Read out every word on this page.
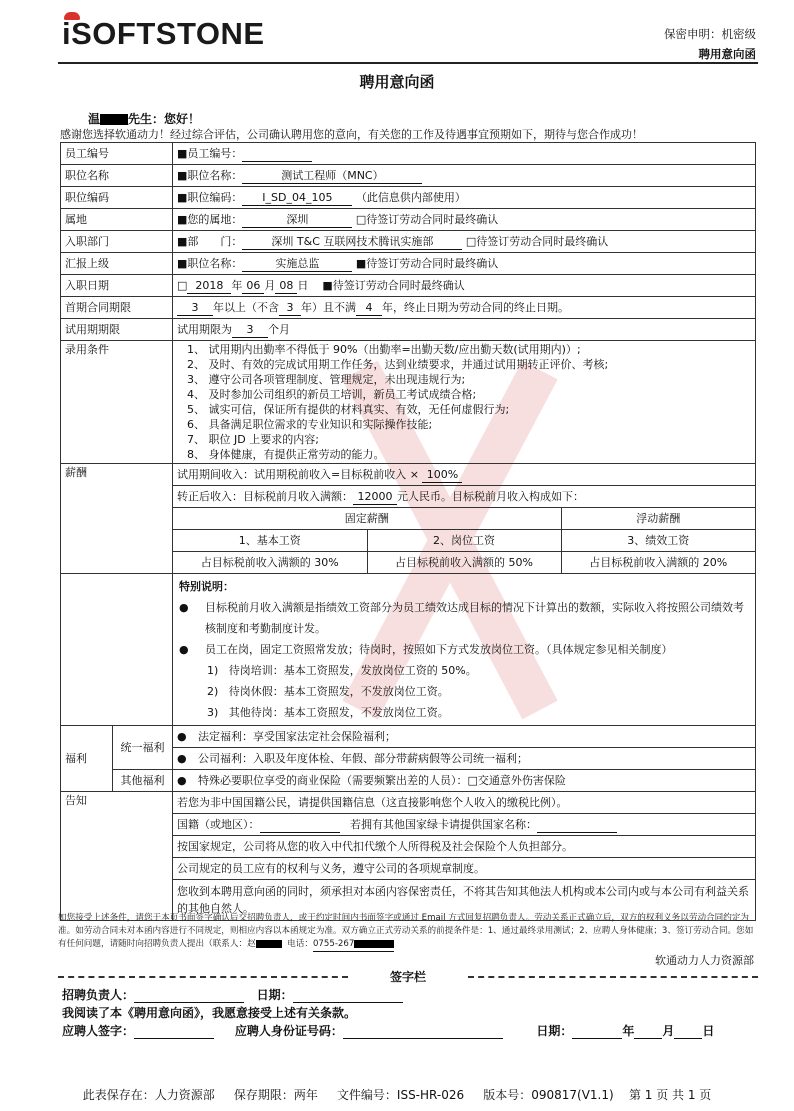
iSOFTSTONE	保密申明：机密级
聘用意向函
聘用意向函
温 先生：您好！
感谢您选择软通动力！经过综合评估，公司确认聘用您的意向，有关您的工作及待遇事宜预期如下，期待与您合作成功！
员工编号	■员工编号：
职位名称	■职位名称：	测试工程师（MNC）
职位编码	■职位编码： I_SD_04_105 （此信息供内部使用）
属地	■您的属地：	深圳	□待签订劳动合同时最终确认
入职部门	■部　　门：	深圳 T&C 互联网技术腾讯实施部	□待签订劳动合同时最终确认
汇报上级	■职位名称：	实施总监	■待签订劳动合同时最终确认
入职日期	□ 2018 年 06 月 08 日 ■待签订劳动合同时最终确认
首期合同期限	3 年以上（不含 3 年）且不满 4 年，终止日期为劳动合同的终止日期。
试用期期限	试用期限为 3 个月
录用条件	1、 试用期内出勤率不得低于 90%（出勤率=出勤天数/应出勤天数(试用期内)）;
2、 及时、有效的完成试用期工作任务，达到业绩要求，并通过试用期转正评价、考核;
3、 遵守公司各项管理制度、管理规定，未出现违规行为;
4、 及时参加公司组织的新员工培训，新员工考试成绩合格;
5、 诚实可信，保证所有提供的材料真实、有效，无任何虚假行为;
6、 具备满足职位需求的专业知识和实际操作技能;
7、 职位 JD 上要求的内容;
8、 身体健康，有提供正常劳动的能力。

薪酬	试用期间收入：试用期税前收入=目标税前收入 × 100%
转正后收入：目标税前月收入满额： 12000 元人民币。目标税前月收入构成如下：

固定薪酬	浮动薪酬
1、基本工资	2、岗位工资	3、绩效工资
占目标税前收入满额的 30%	占目标税前收入满额的 50%	占目标税前收入满额的 20%

特别说明：
●	目标税前月收入满额是指绩效工资部分为员工绩效达成目标的情况下计算出的数额，实际收入将按照公司绩效考核制度和考勤制度计发。
●	员工在岗，固定工资照常发放；待岗时，按照如下方式发放岗位工资。（具体规定参见相关制度）
1) 待岗培训：基本工资照发，发放岗位工资的 50%。
2) 待岗休假：基本工资照发，不发放岗位工资。
3) 其他待岗：基本工资照发，不发放岗位工资。

福利	统一福利	● 法定福利：享受国家法定社会保险福利；
● 公司福利：入职及年度体检、年假、部分带薪病假等公司统一福利；
其他福利	● 特殊必要职位享受的商业保险（需要频繁出差的人员）：□交通意外伤害保险
告知	若您为非中国国籍公民，请提供国籍信息（这直接影响您个人收入的缴税比例）。
国籍（或地区）：	若拥有其他国家绿卡请提供国家名称：
按国家规定，公司将从您的收入中代扣代缴个人所得税及社会保险个人负担部分。
公司规定的员工应有的权利与义务，遵守公司的各项规章制度。
您收到本聘用意向函的同时，须承担对本函内容保密责任，不将其告知其他法人机构或本公司内或与本公司有利益关系的其他自然人。
如您接受上述条件，请您于本页书面签字确认后交招聘负责人，或于约定时间内书面签字或通过 Email 方式回复招聘负责人。劳动关系正式确立后，双方的权利义务以劳动合同约定为准。如劳动合同未对本函内容进行不同规定，则相应内容以本函规定为准。双方确立正式劳动关系的前提条件是：1、通过最终录用测试；2、应聘人身体健康；3、签订劳动合同。您如有任何问题，请随时向招聘负责人提出（联系人：赵	电话：0755-267
软通动力人力资源部
签字栏
招聘负责人：	日期：
我阅读了本《聘用意向函》，我愿意接受上述有关条款。
应聘人签字：	应聘人身份证号码：	日期：	年 月 日
此表保存在：人力资源部 保存期限：两年 文件编号：ISS-HR-026 版本号：090817(V1.1) 第 1 页 共 1 页
